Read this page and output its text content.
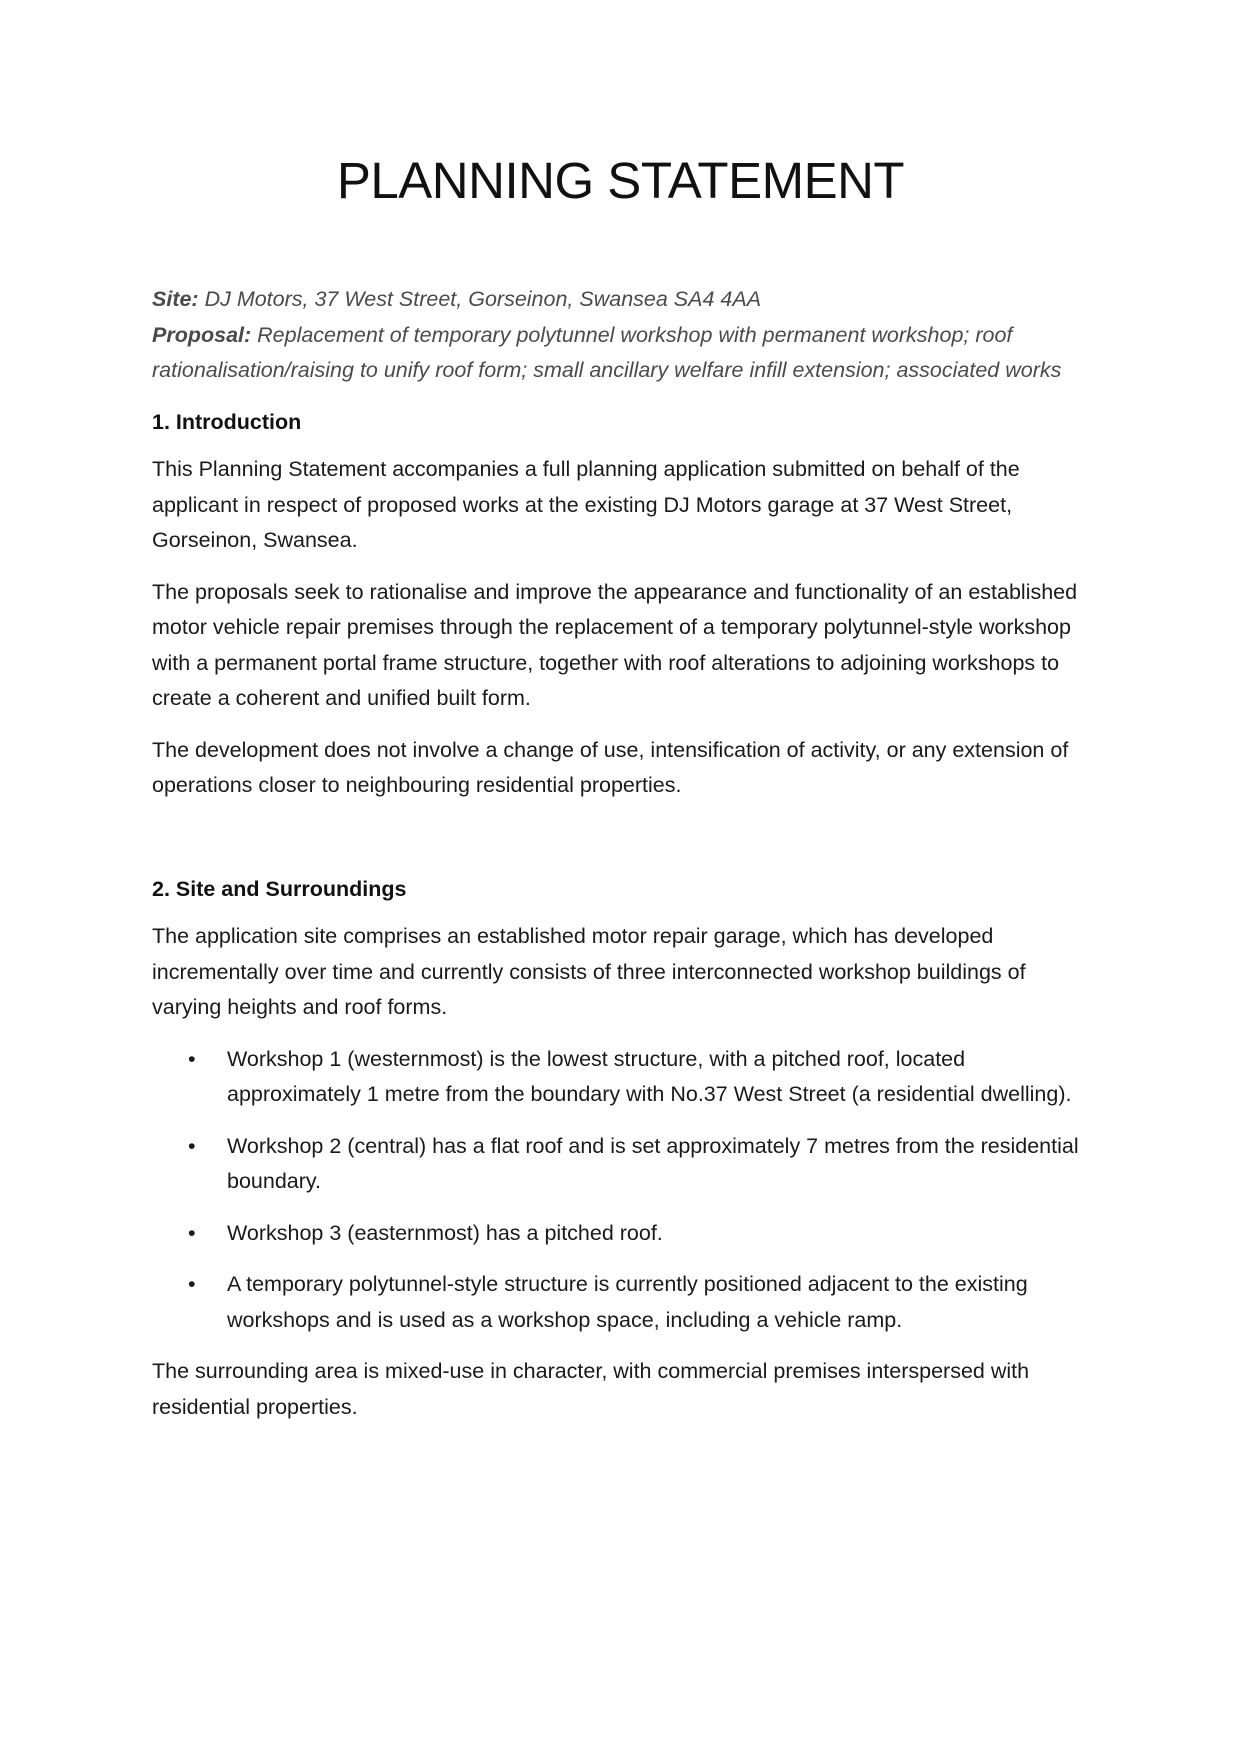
PLANNING STATEMENT

Site: DJ Motors, 37 West Street, Gorseinon, Swansea SA4 4AA
Proposal: Replacement of temporary polytunnel workshop with permanent workshop; roof rationalisation/raising to unify roof form; small ancillary welfare infill extension; associated works

1. Introduction

This Planning Statement accompanies a full planning application submitted on behalf of the applicant in respect of proposed works at the existing DJ Motors garage at 37 West Street, Gorseinon, Swansea.

The proposals seek to rationalise and improve the appearance and functionality of an established motor vehicle repair premises through the replacement of a temporary polytunnel-style workshop with a permanent portal frame structure, together with roof alterations to adjoining workshops to create a coherent and unified built form.

The development does not involve a change of use, intensification of activity, or any extension of operations closer to neighbouring residential properties.

2. Site and Surroundings

The application site comprises an established motor repair garage, which has developed incrementally over time and currently consists of three interconnected workshop buildings of varying heights and roof forms.

• Workshop 1 (westernmost) is the lowest structure, with a pitched roof, located approximately 1 metre from the boundary with No.37 West Street (a residential dwelling).
• Workshop 2 (central) has a flat roof and is set approximately 7 metres from the residential boundary.
• Workshop 3 (easternmost) has a pitched roof.
• A temporary polytunnel-style structure is currently positioned adjacent to the existing workshops and is used as a workshop space, including a vehicle ramp.

The surrounding area is mixed-use in character, with commercial premises interspersed with residential properties.
